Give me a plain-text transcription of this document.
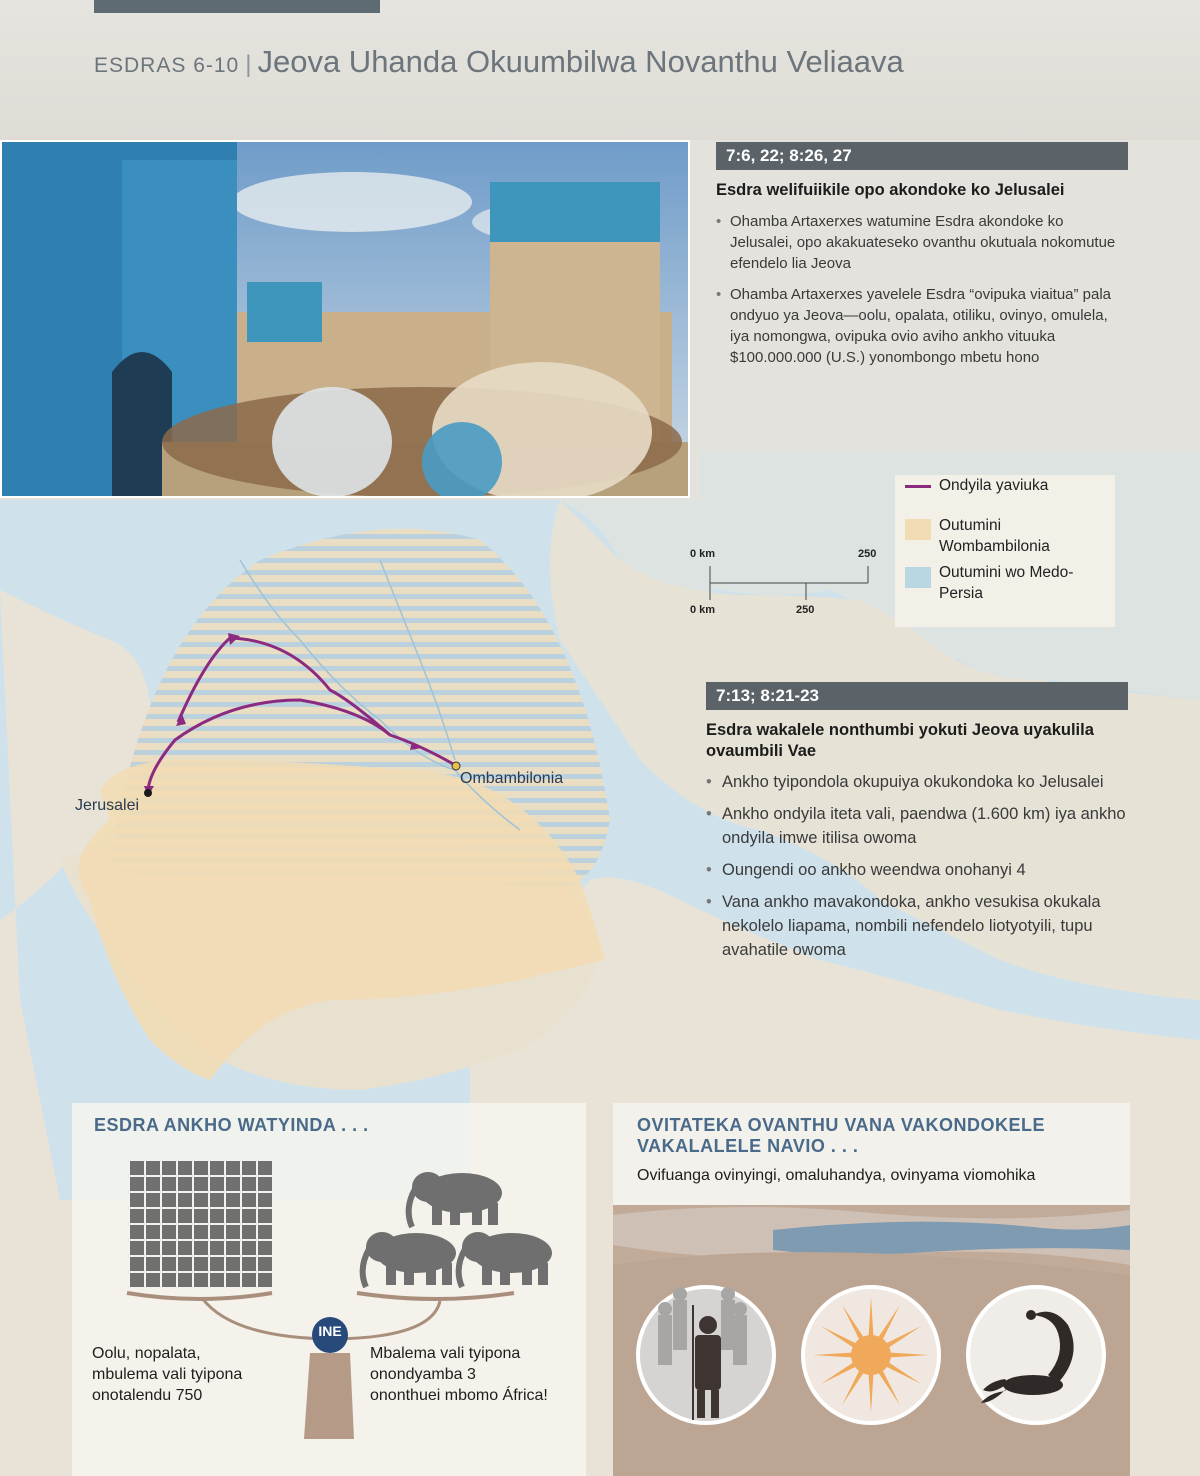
ESDRAS 6-10 | Jeova Uhanda Okuumbilwa Novanthu Veliaava
Jerusalei
Ombambilonia
0 km	250
0 km	250
7:6, 22; 8:26, 27
Esdra welifuiikile opo akondoke ko Jelusalei
• Ohamba Artaxerxes watumine Esdra akondoke ko Jelusalei, opo akakuateseko ovanthu okutuala nokomutue efendelo lia Jeova
• Ohamba Artaxerxes yavelele Esdra “ovipuka viaitua” pala ondyuo ya Jeova—oolu, opalata, otiliku, ovinyo, omulela, iya nomongwa, ovipuka ovio aviho ankho vituuka $100.000.000 (U.S.) yonombongo mbetu hono
Ondyila yaviuka
Outumini Wombambilonia
Outumini wo Medo-Persia
7:13; 8:21-23
Esdra wakalele nonthumbi yokuti Jeova uyakulila ovaumbili Vae
• Ankho tyipondola okupuiya okukondoka ko Jelusalei
• Ankho ondyila iteta vali, paendwa (1.600 km) iya ankho ondyila imwe itilisa owoma
• Oungendi oo ankho weendwa onohanyi 4
• Vana ankho mavakondoka, ankho vesukisa okukala nekolelo liapama, nombili nefendelo liotyotyili, tupu avahatile owoma
ESDRA ANKHO WATYINDA . . .
INE
Oolu, nopalata,
mbulema vali tyipona
onotalendu 750
Mbalema vali tyipona
onondyamba 3
ononthuei mbomo África!
OVITATEKA OVANTHU VANA VAKONDOKELE
VAKALALELE NAVIO . . .
Ovifuanga ovinyingi, omaluhandya, ovinyama viomohika
